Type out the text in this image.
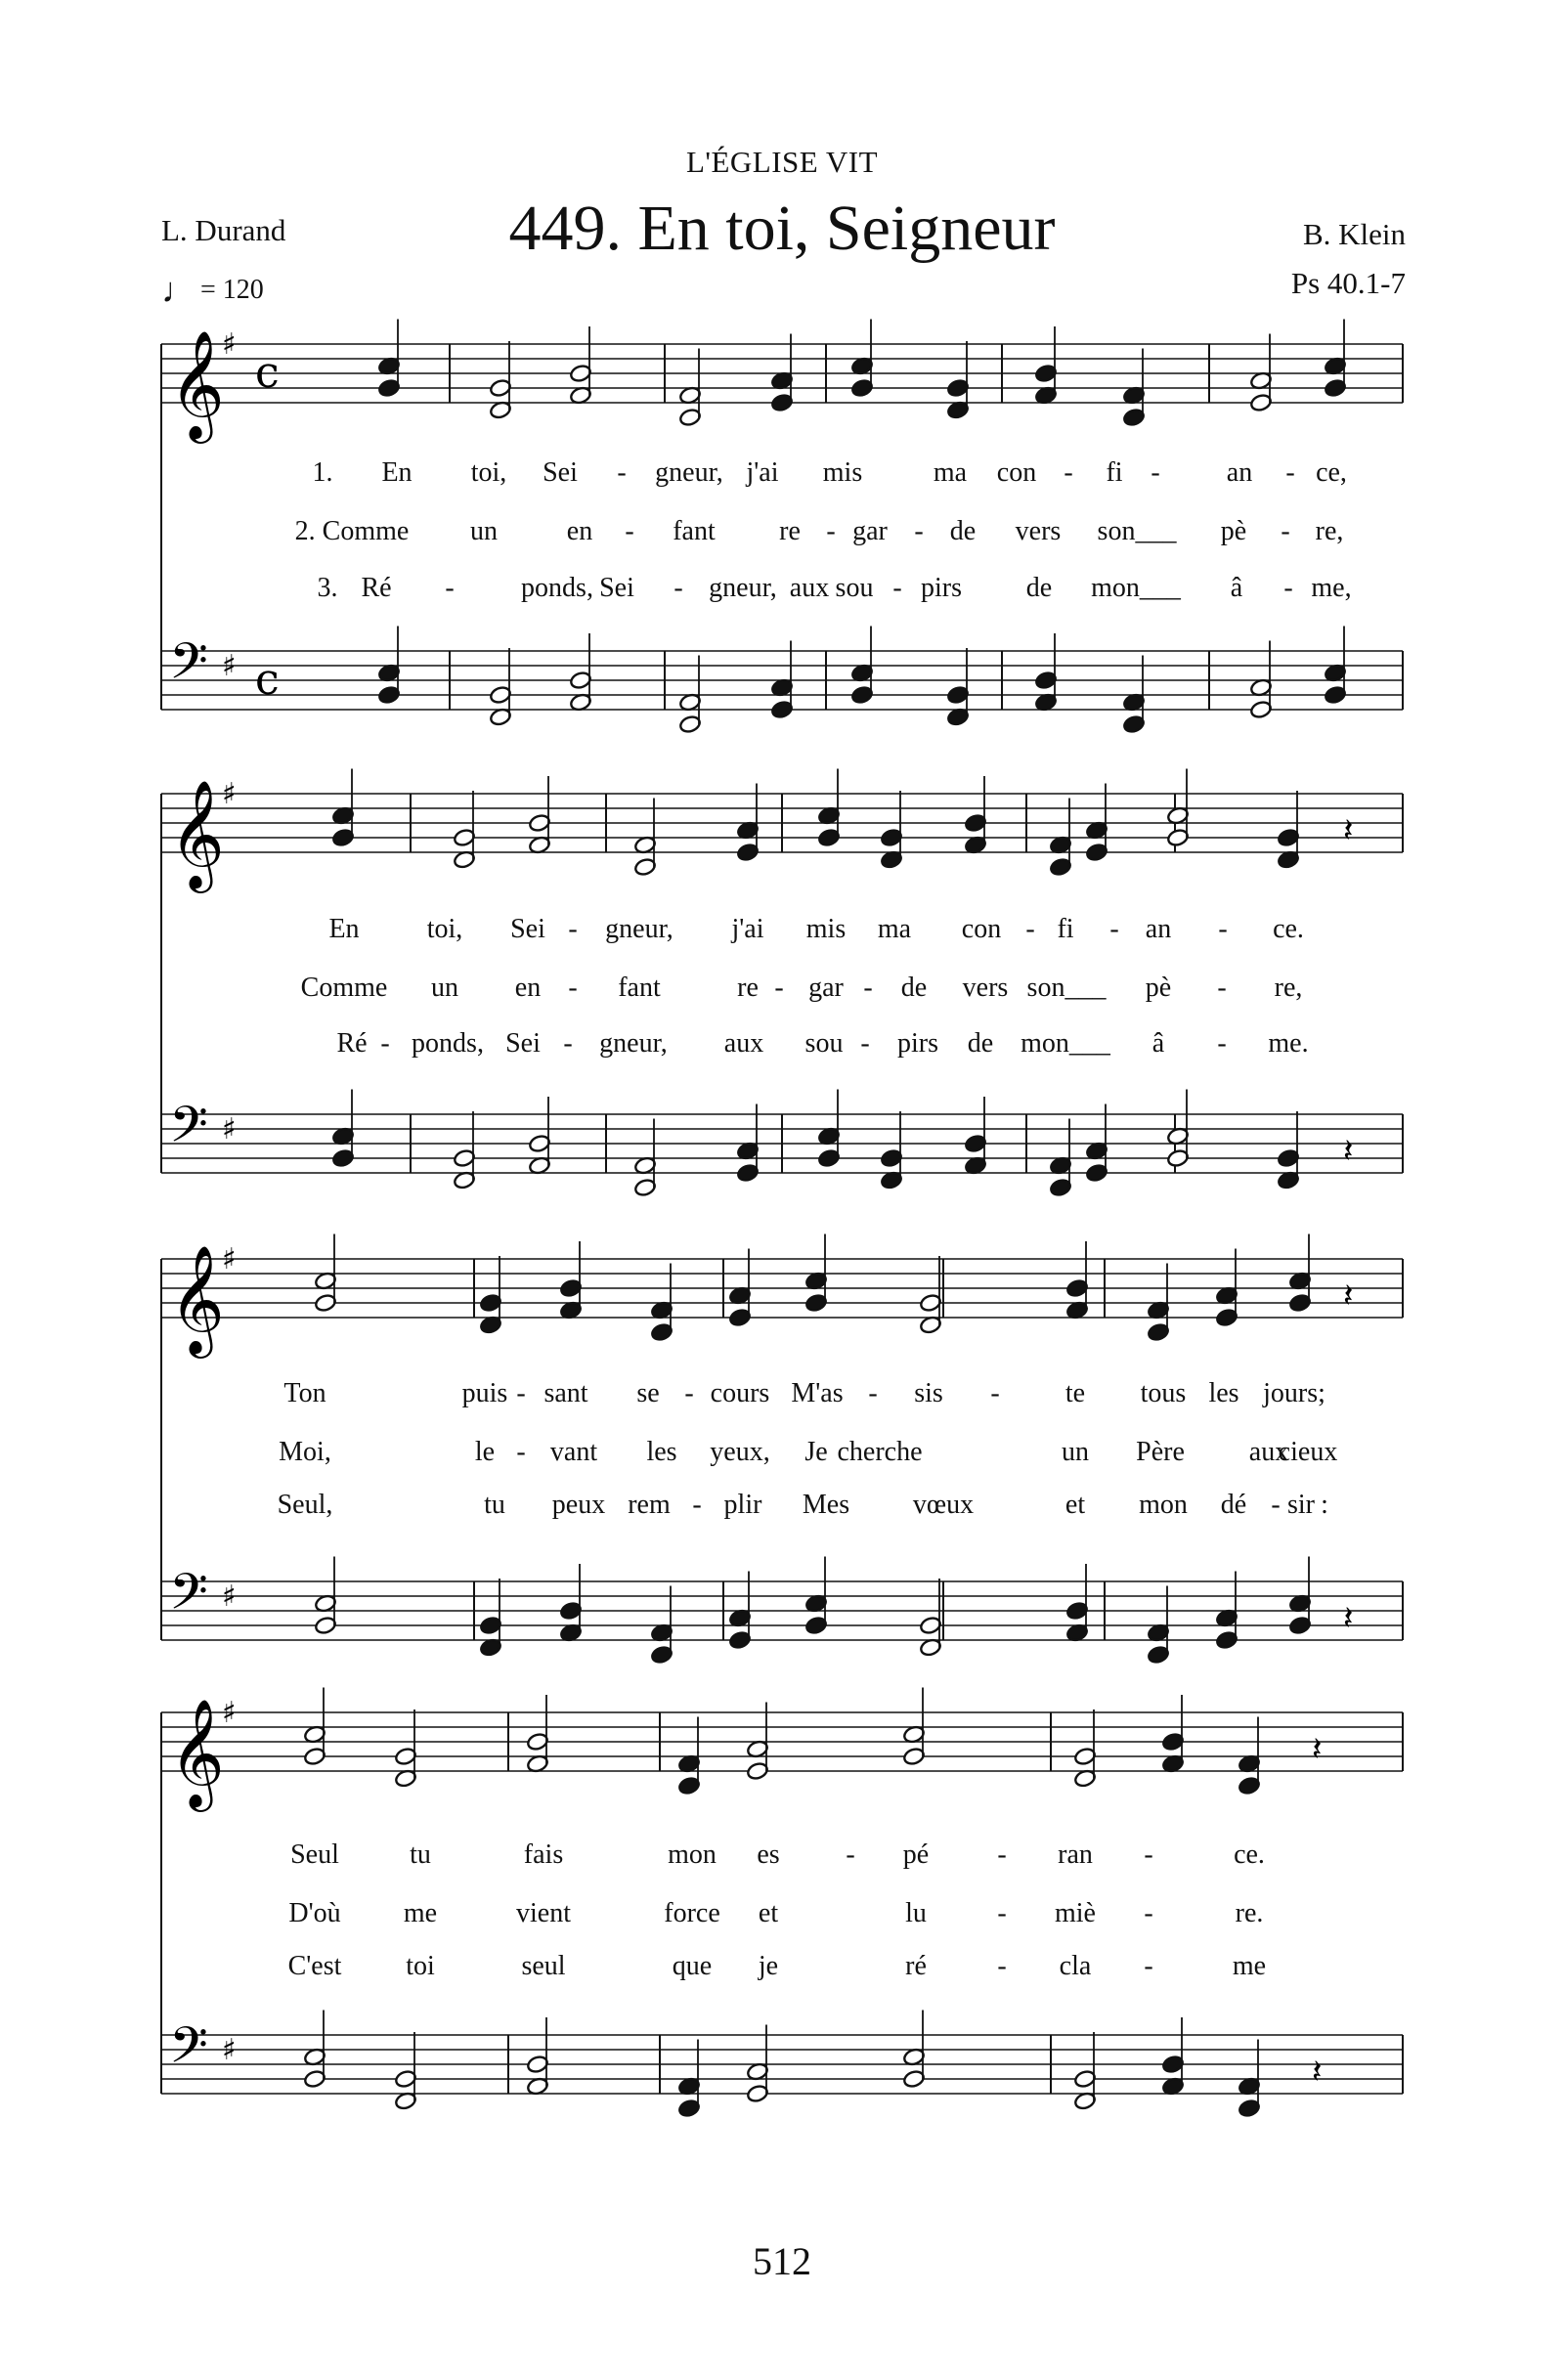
L'ÉGLISE VIT
449. En toi, Seigneur
L. Durand
♩ = 120
B. Klein
Ps 40.1-7
𝄞
♯
c
𝄢 ♯ c
1. En toi, Sei - gneur, j'ai mis	ma con - fi - an - ce,
2. Comme un	en - fant re - gar - de vers son___ pè - re,
3. Ré - ponds, Sei - gneur, aux sou - pirs de mon___ â - me,
𝄞
♯
𝄽
𝄢 ♯
𝄽
En toi, Sei - gneur, j'ai mis ma con - fi - an - ce.
Comme un en - fant	re - gar - de vers son___ pè - re,
Ré - ponds, Sei - gneur, aux sou - pirs de mon___ â - me.
𝄞
♯
𝄽
𝄢 ♯
𝄽
Ton	puis - sant se - cours M'as - sis - te tous les jours;
Moi,	le - vant les yeux, Je cherche	un Père aux
cieux
Seul,	tu peux rem - plir Mes vœux	et mon dé - sir :
𝄞
♯
𝄽
𝄢 ♯
𝄽
Seul	tu	fais	mon es - pé	- ran -	ce.
D'où me	vient	force et	lu	- miè -	re.
C'est toi	seul	que je	ré	- cla -	me
512
